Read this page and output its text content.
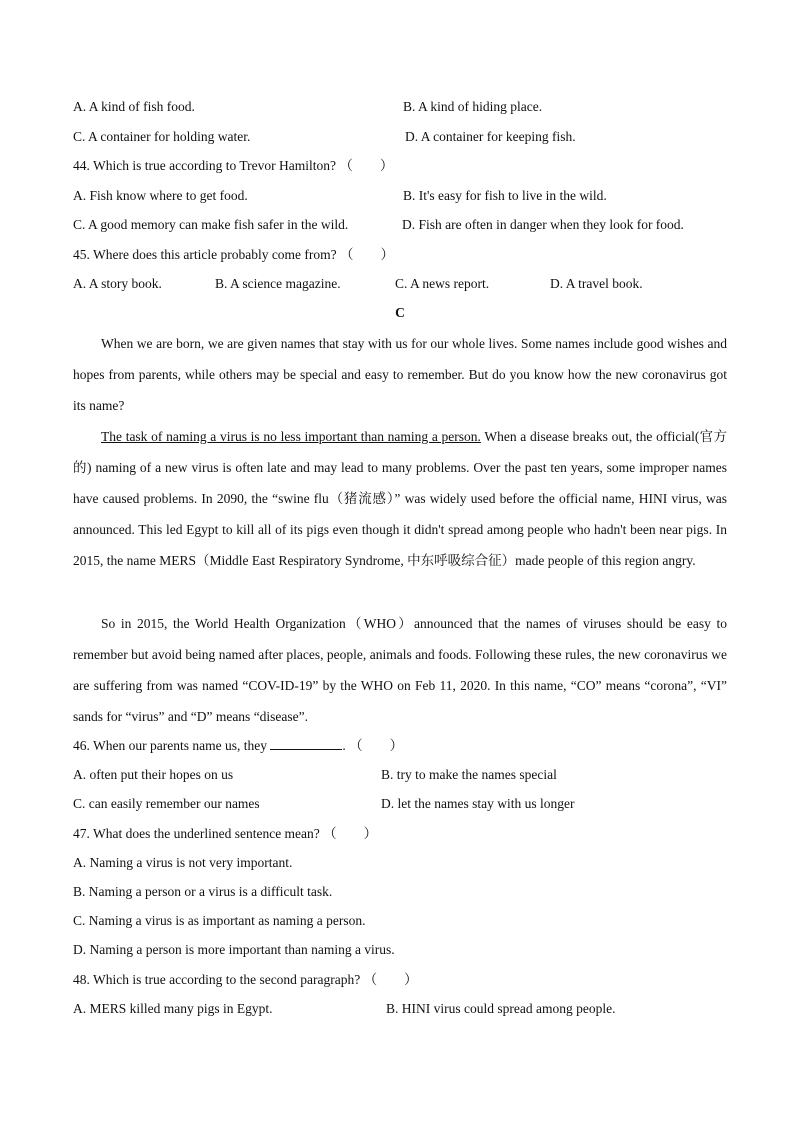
A. A kind of fish food.	B. A kind of hiding place.
C. A container for holding water.	D. A container for keeping fish.
44. Which is true according to Trevor Hamilton? （　　）
A. Fish know where to get food.	B. It's easy for fish to live in the wild.
C. A good memory can make fish safer in the wild.	D. Fish are often in danger when they look for food.
45. Where does this article probably come from? （　　）
A. A story book.	B. A science magazine.	C. A news report.	D. A travel book.
C
When we are born, we are given names that stay with us for our whole lives. Some names include good wishes and hopes from parents, while others may be special and easy to remember. But do you know how the new coronavirus got its name?
The task of naming a virus is no less important than naming a person. When a disease breaks out, the official(官方的) naming of a new virus is often late and may lead to many problems. Over the past ten years, some improper names have caused problems. In 2090, the “swine flu（猪流感）” was widely used before the official name, HINI virus, was announced. This led Egypt to kill all of its pigs even though it didn't spread among people who hadn't been near pigs. In 2015, the name MERS（Middle East Respiratory Syndrome, 中东呼吸综合征）made people of this region angry.
So in 2015, the World Health Organization（WHO）announced that the names of viruses should be easy to remember but avoid being named after places, people, animals and foods. Following these rules, the new coronavirus we are suffering from was named “COV-ID-19” by the WHO on Feb 11, 2020. In this name, “CO” means “corona”, “VI” sands for “virus” and “D” means “disease”.
46. When our parents name us, they	. （　　）
A. often put their hopes on us	B. try to make the names special
C. can easily remember our names	D. let the names stay with us longer
47. What does the underlined sentence mean? （　　）
A. Naming a virus is not very important.
B. Naming a person or a virus is a difficult task.
C. Naming a virus is as important as naming a person.
D. Naming a person is more important than naming a virus.
48. Which is true according to the second paragraph? （　　）
A. MERS killed many pigs in Egypt.	B. HINI virus could spread among people.
